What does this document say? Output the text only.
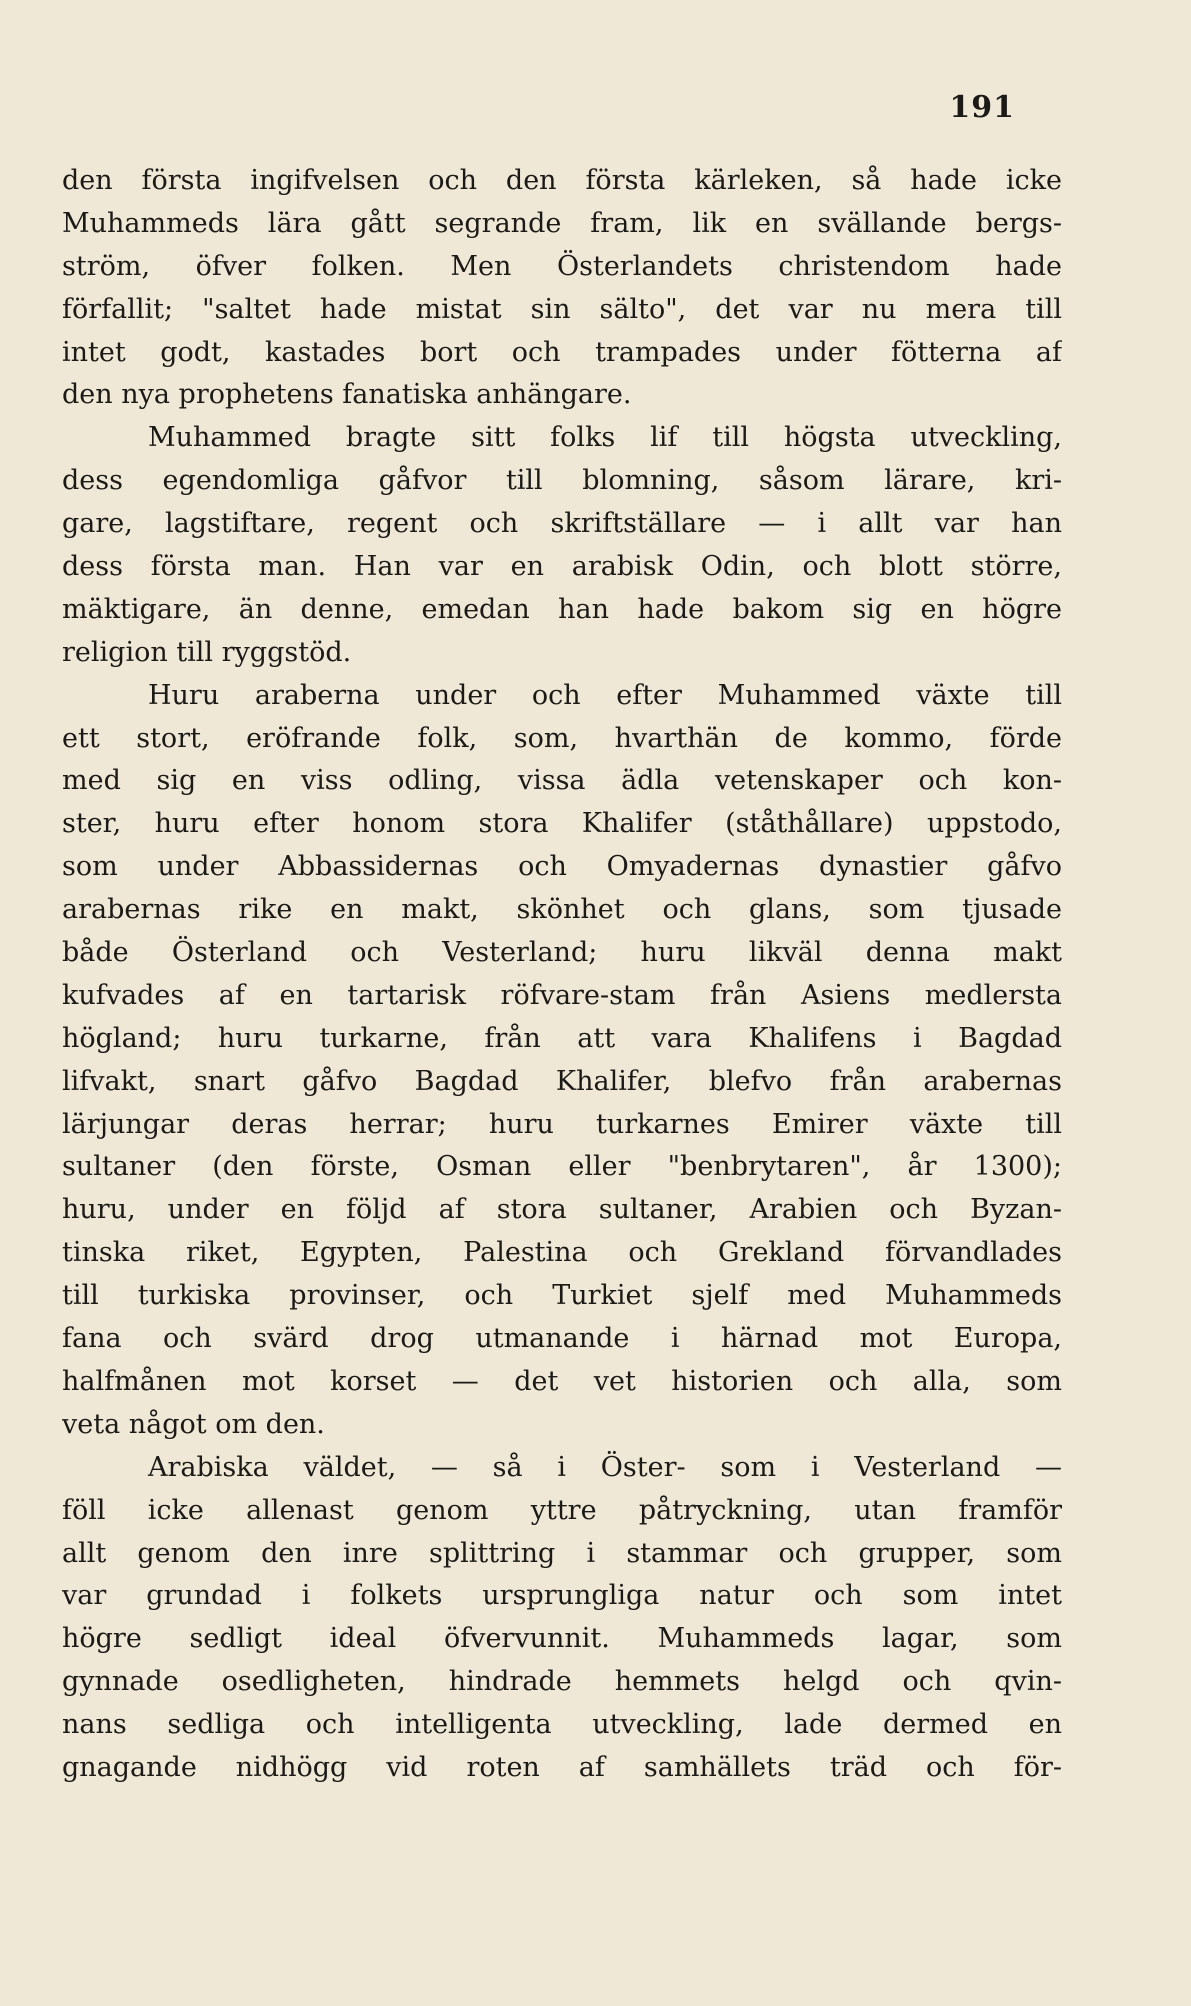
191
den första ingifvelsen och den första kärleken, så hade icke
Muhammeds lära gått segrande fram, lik en svällande bergs-
ström, öfver folken. Men Österlandets christendom hade
förfallit; "saltet hade mistat sin sälto", det var nu mera till
intet godt, kastades bort och trampades under fötterna af
den nya prophetens fanatiska anhängare.
Muhammed bragte sitt folks lif till högsta utveckling,
dess egendomliga gåfvor till blomning, såsom lärare, kri-
gare, lagstiftare, regent och skriftställare — i allt var han
dess första man. Han var en arabisk Odin, och blott större,
mäktigare, än denne, emedan han hade bakom sig en högre
religion till ryggstöd.
Huru araberna under och efter Muhammed växte till
ett stort, eröfrande folk, som, hvarthän de kommo, förde
med sig en viss odling, vissa ädla vetenskaper och kon-
ster, huru efter honom stora Khalifer (ståthållare) uppstodo,
som under Abbassidernas och Omyadernas dynastier gåfvo
arabernas rike en makt, skönhet och glans, som tjusade
både Österland och Vesterland; huru likväl denna makt
kufvades af en tartarisk röfvare-stam från Asiens medlersta
högland; huru turkarne, från att vara Khalifens i Bagdad
lifvakt, snart gåfvo Bagdad Khalifer, blefvo från arabernas
lärjungar deras herrar; huru turkarnes Emirer växte till
sultaner (den förste, Osman eller "benbrytaren", år 1300);
huru, under en följd af stora sultaner, Arabien och Byzan-
tinska riket, Egypten, Palestina och Grekland förvandlades
till turkiska provinser, och Turkiet sjelf med Muhammeds
fana och svärd drog utmanande i härnad mot Europa,
halfmånen mot korset — det vet historien och alla, som
veta något om den.
Arabiska väldet, — så i Öster- som i Vesterland —
föll icke allenast genom yttre påtryckning, utan framför
allt genom den inre splittring i stammar och grupper, som
var grundad i folkets ursprungliga natur och som intet
högre sedligt ideal öfvervunnit. Muhammeds lagar, som
gynnade osedligheten, hindrade hemmets helgd och qvin-
nans sedliga och intelligenta utveckling, lade dermed en
gnagande nidhögg vid roten af samhällets träd och för-
